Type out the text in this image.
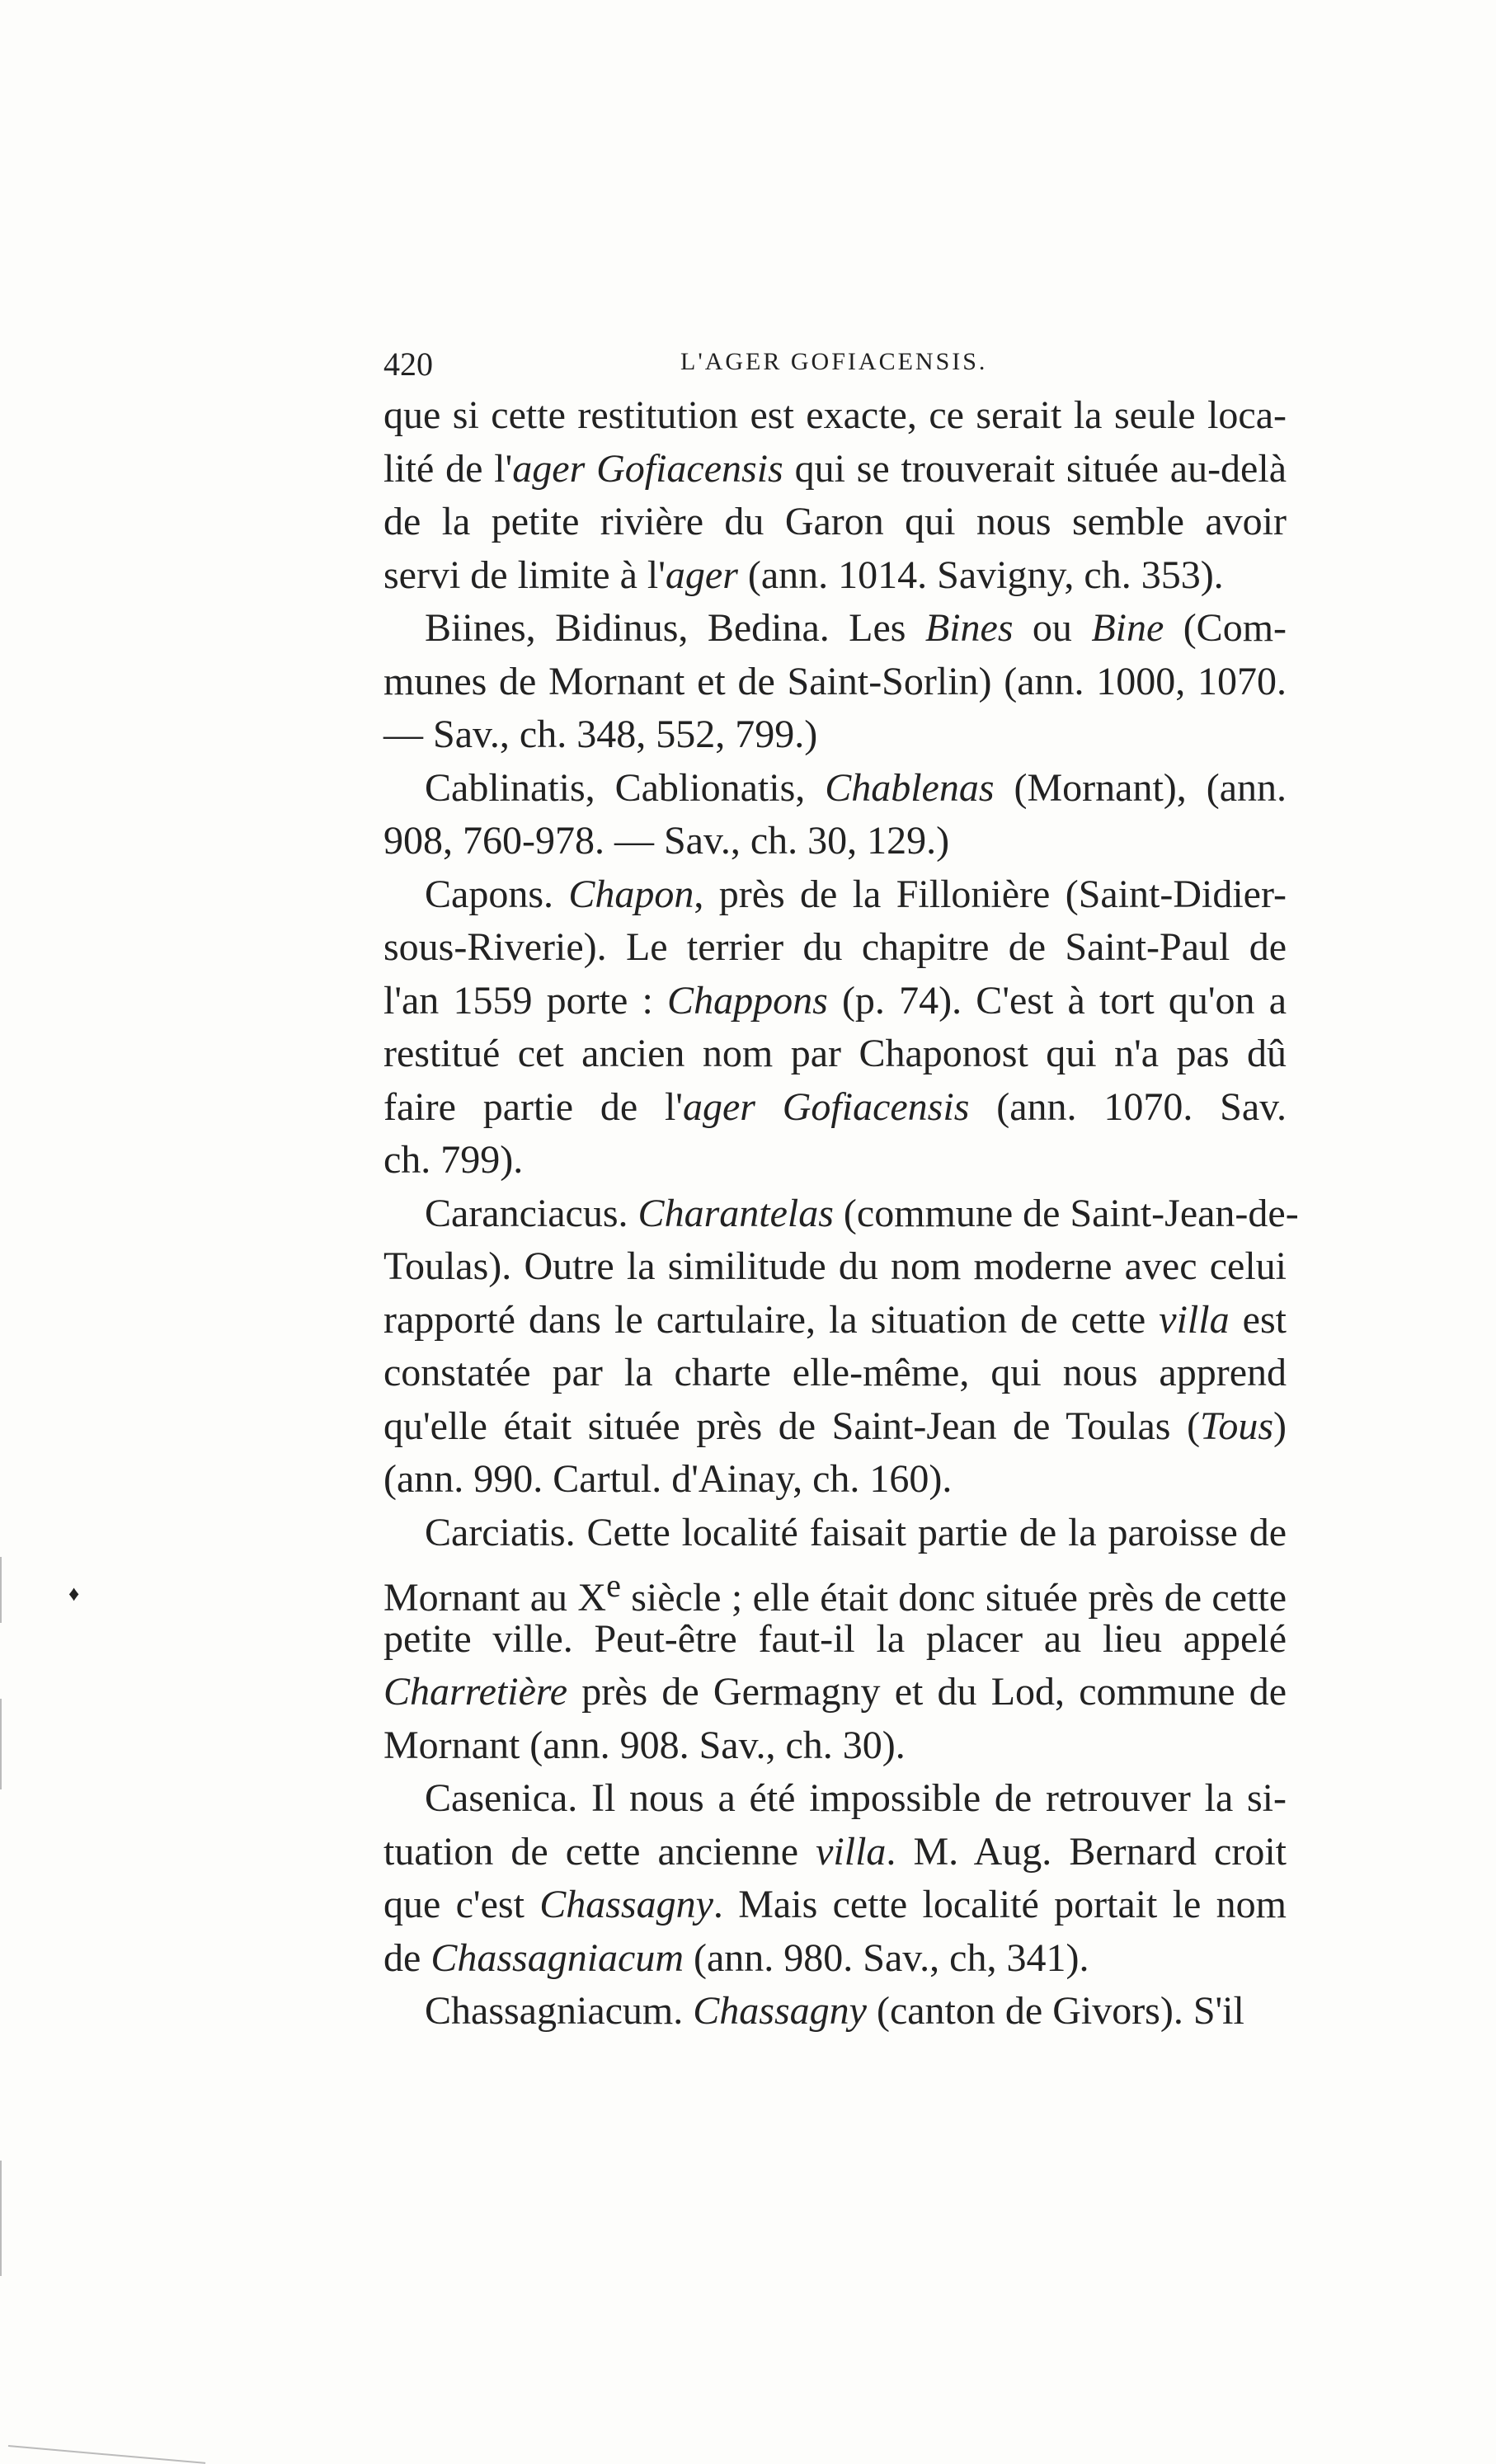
420	L'AGER GOFIACENSIS.
que si cette restitution est exacte, ce serait la seule loca-
lité de l'ager Gofiacensis qui se trouverait située au-delà
de la petite rivière du Garon qui nous semble avoir
servi de limite à l'ager (ann. 1014. Savigny, ch. 353).
Biines, Bidinus, Bedina. Les Bines ou Bine (Com-
munes de Mornant et de Saint-Sorlin) (ann. 1000, 1070.
— Sav., ch. 348, 552, 799.)
Cablinatis, Cablionatis, Chablenas (Mornant), (ann.
908, 760-978. — Sav., ch. 30, 129.)
Capons. Chapon, près de la Fillonière (Saint-Didier-
sous-Riverie). Le terrier du chapitre de Saint-Paul de
l'an 1559 porte : Chappons (p. 74). C'est à tort qu'on a
restitué cet ancien nom par Chaponost qui n'a pas dû
faire partie de l'ager Gofiacensis (ann. 1070. Sav.
ch. 799).
Caranciacus. Charantelas (commune de Saint-Jean-de-
Toulas). Outre la similitude du nom moderne avec celui
rapporté dans le cartulaire, la situation de cette villa est
constatée par la charte elle-même, qui nous apprend
qu'elle était située près de Saint-Jean de Toulas (Tous)
(ann. 990. Cartul. d'Ainay, ch. 160).
Carciatis. Cette localité faisait partie de la paroisse de
Mornant au Xe siècle ; elle était donc située près de cette
petite ville. Peut-être faut-il la placer au lieu appelé
Charretière près de Germagny et du Lod, commune de
Mornant (ann. 908. Sav., ch. 30).
Casenica. Il nous a été impossible de retrouver la si-
tuation de cette ancienne villa. M. Aug. Bernard croit
que c'est Chassagny. Mais cette localité portait le nom
de Chassagniacum (ann. 980. Sav., ch, 341).
Chassagniacum. Chassagny (canton de Givors). S'il
♦
